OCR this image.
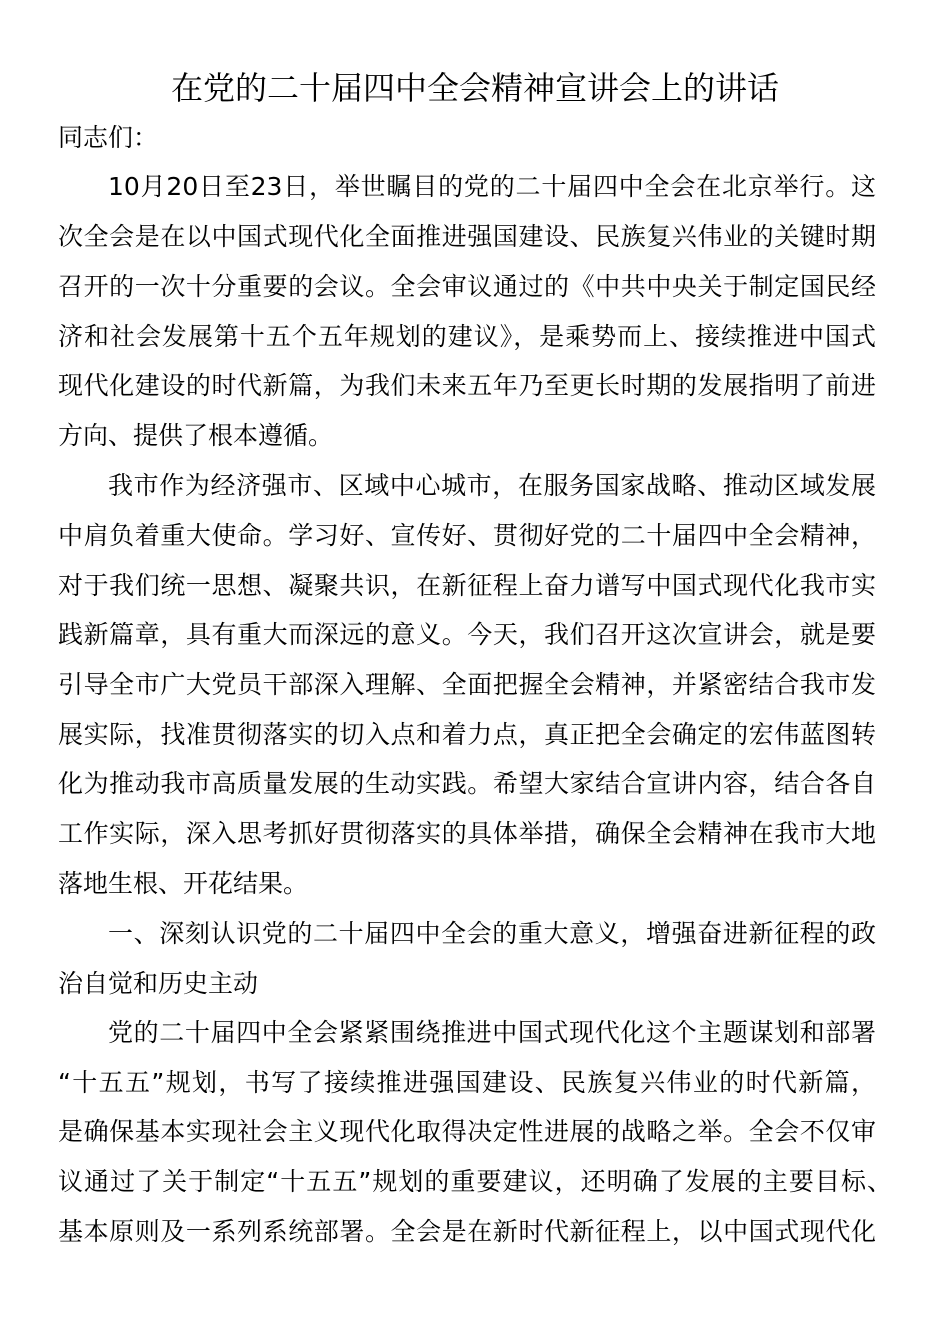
在党的二十届四中全会精神宣讲会上的讲话
同志们：
10月20日至23日，举世瞩目的党的二十届四中全会在北京举行。这
次全会是在以中国式现代化全面推进强国建设、民族复兴伟业的关键时期
召开的一次十分重要的会议。全会审议通过的《中共中央关于制定国民经
济和社会发展第十五个五年规划的建议》，是乘势而上、接续推进中国式
现代化建设的时代新篇，为我们未来五年乃至更长时期的发展指明了前进
方向、提供了根本遵循。
我市作为经济强市、区域中心城市，在服务国家战略、推动区域发展
中肩负着重大使命。学习好、宣传好、贯彻好党的二十届四中全会精神，
对于我们统一思想、凝聚共识，在新征程上奋力谱写中国式现代化我市实
践新篇章，具有重大而深远的意义。今天，我们召开这次宣讲会，就是要
引导全市广大党员干部深入理解、全面把握全会精神，并紧密结合我市发
展实际，找准贯彻落实的切入点和着力点，真正把全会确定的宏伟蓝图转
化为推动我市高质量发展的生动实践。希望大家结合宣讲内容，结合各自
工作实际，深入思考抓好贯彻落实的具体举措，确保全会精神在我市大地
落地生根、开花结果。
一、深刻认识党的二十届四中全会的重大意义，增强奋进新征程的政
治自觉和历史主动
党的二十届四中全会紧紧围绕推进中国式现代化这个主题谋划和部署
“十五五”规划，书写了接续推进强国建设、民族复兴伟业的时代新篇，
是确保基本实现社会主义现代化取得决定性进展的战略之举。全会不仅审
议通过了关于制定“十五五”规划的重要建议，还明确了发展的主要目标、
基本原则及一系列系统部署。全会是在新时代新征程上，以中国式现代化
